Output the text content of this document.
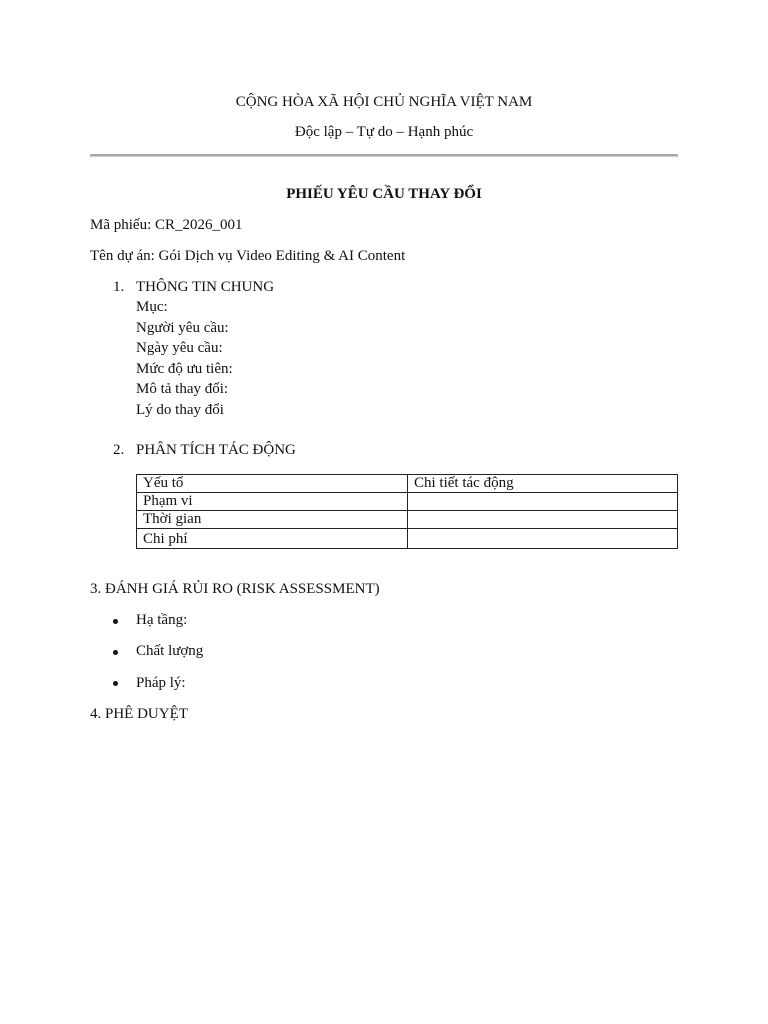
CỘNG HÒA XÃ HỘI CHỦ NGHĨA VIỆT NAM
Độc lập – Tự do – Hạnh phúc
PHIẾU YÊU CẦU THAY ĐỔI
Mã phiếu: CR_2026_001
Tên dự án: Gói Dịch vụ Video Editing & AI Content
1. THÔNG TIN CHUNG
Mục:
Người yêu cầu:
Ngày yêu cầu:
Mức độ ưu tiên:
Mô tả thay đổi:
Lý do thay đổi
2. PHÂN TÍCH TÁC ĐỘNG
Yếu tố	Chi tiết tác động
Phạm vi	
Thời gian	
Chi phí	
3. ĐÁNH GIÁ RỦI RO (RISK ASSESSMENT)
Hạ tầng:
Chất lượng
Pháp lý:
4. PHÊ DUYỆT
